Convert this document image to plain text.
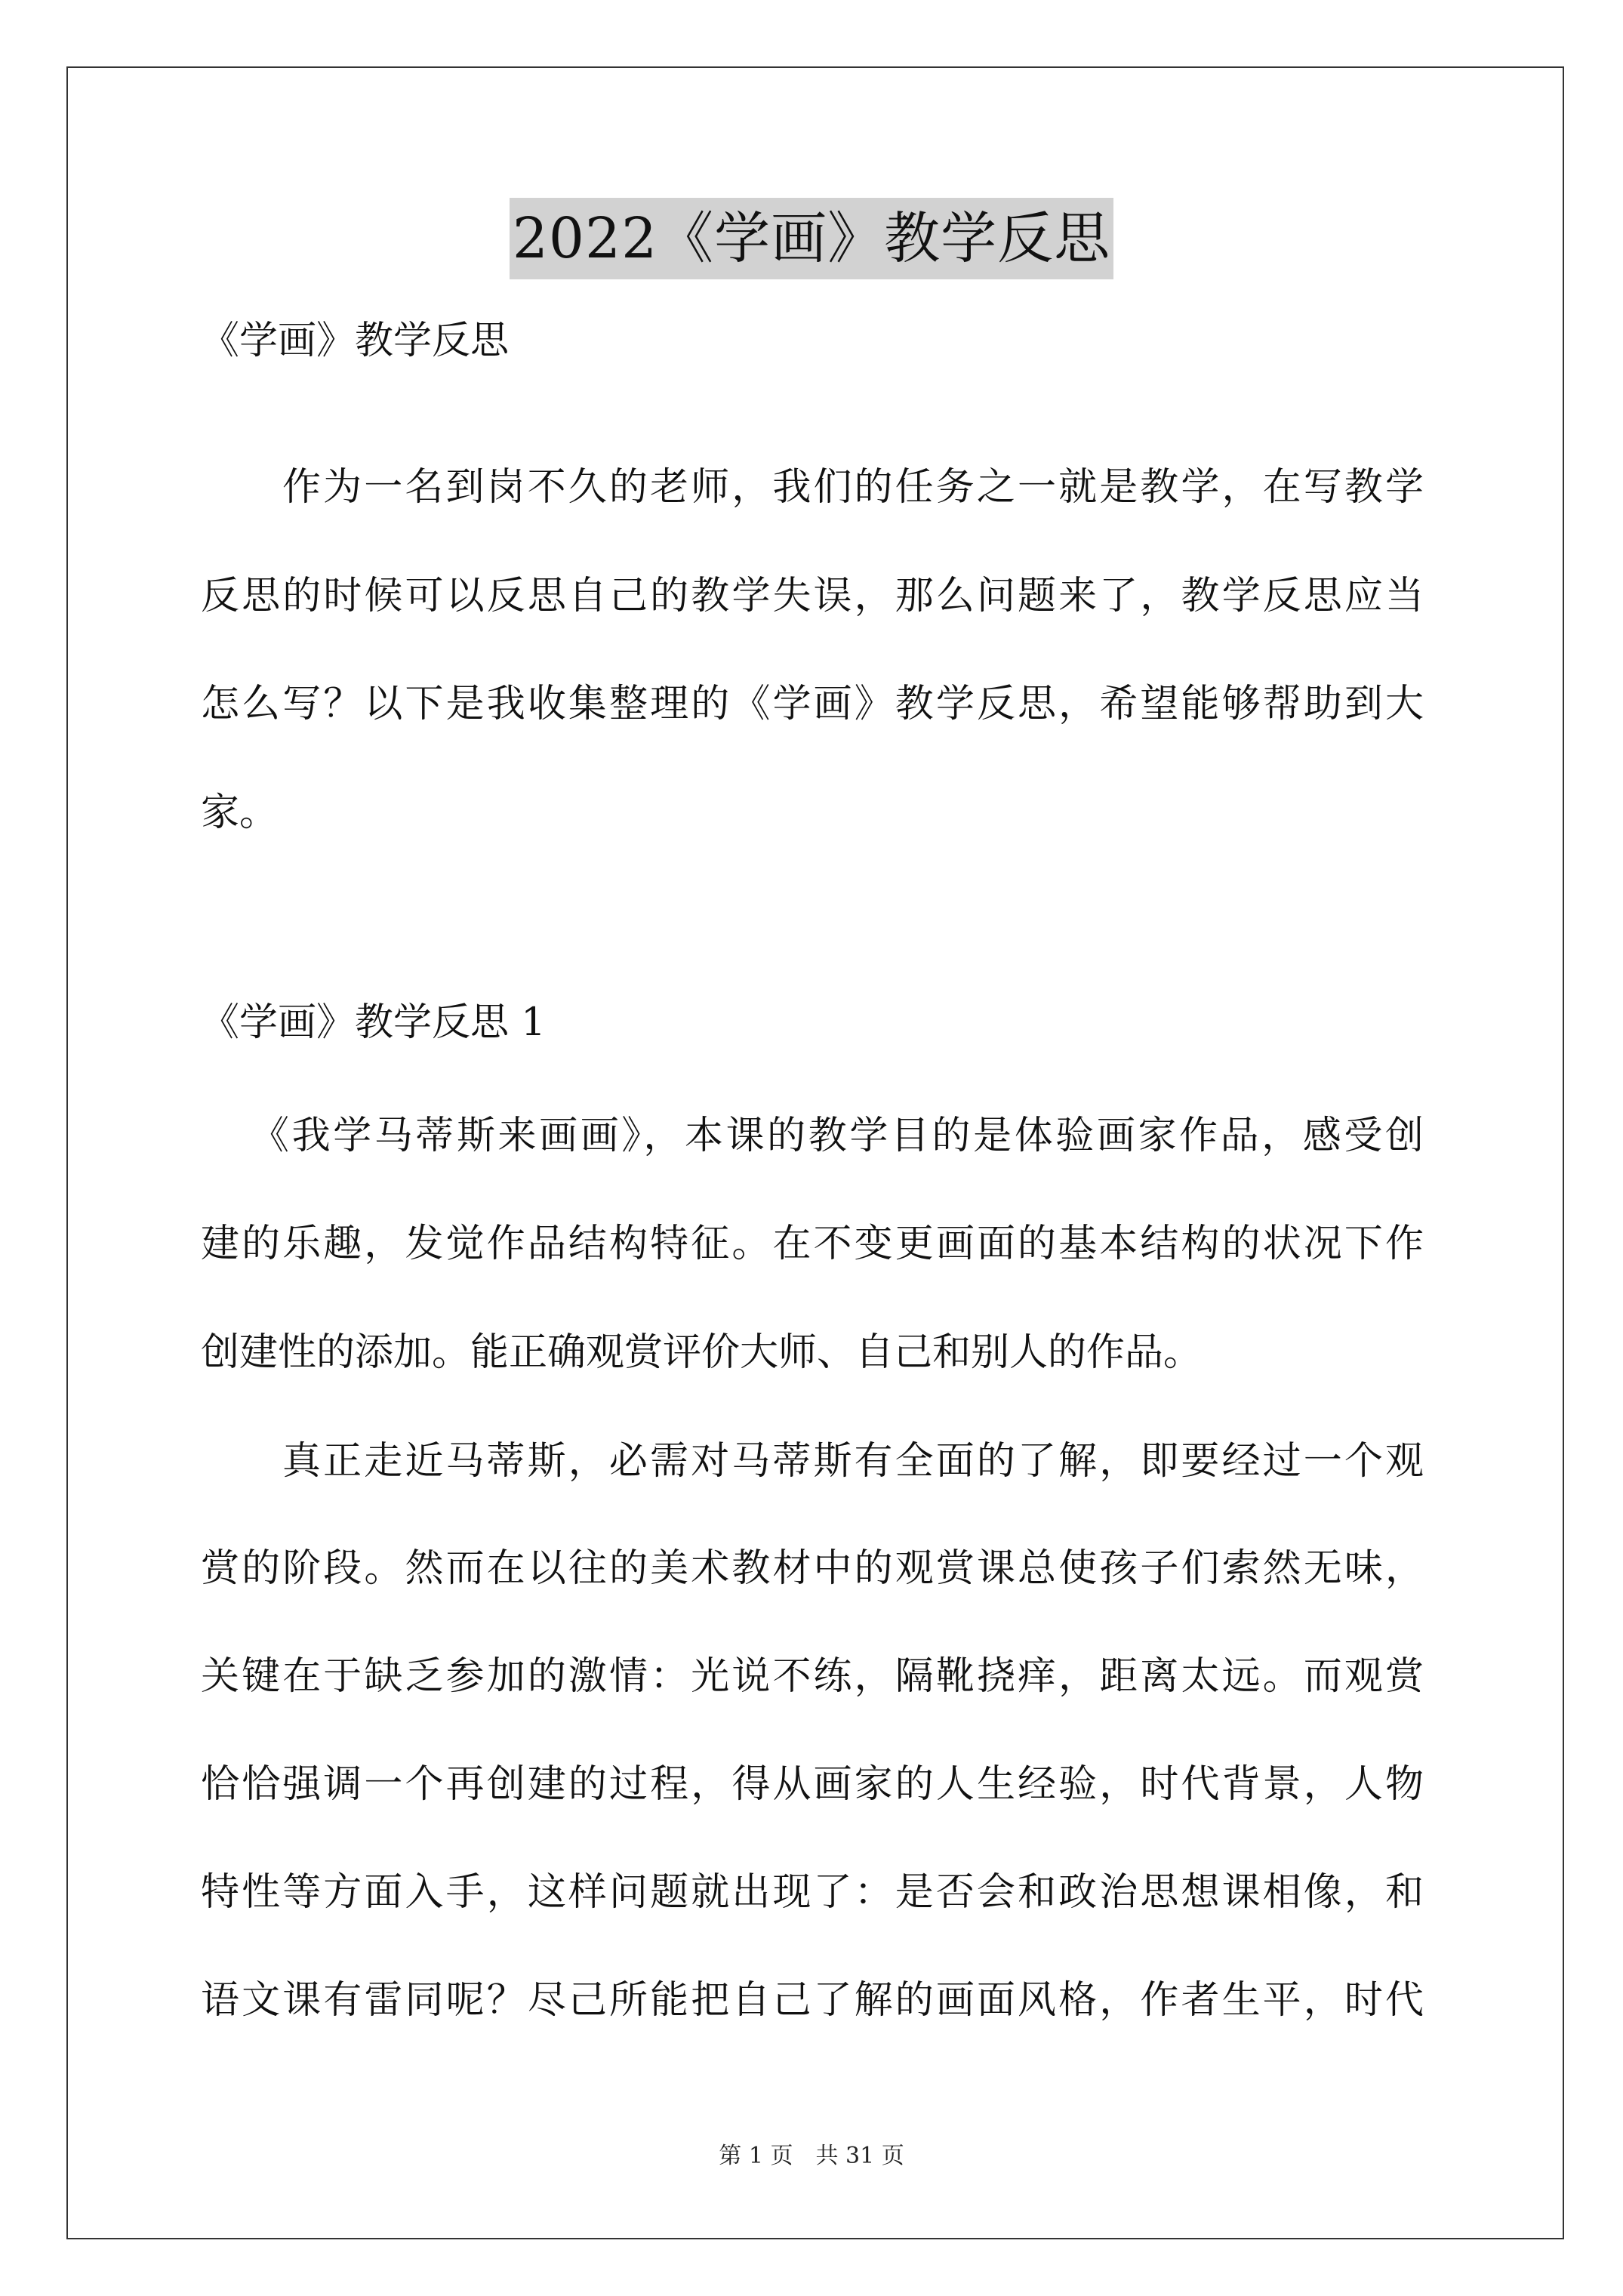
2022《学画》教学反思
《学画》教学反思
作为一名到岗不久的老师，我们的任务之一就是教学，在写教学
反思的时候可以反思自己的教学失误，那么问题来了，教学反思应当
怎么写？以下是我收集整理的《学画》教学反思，希望能够帮助到大
家。
《学画》教学反思 1
《我学马蒂斯来画画》，本课的教学目的是体验画家作品，感受创
建的乐趣，发觉作品结构特征。在不变更画面的基本结构的状况下作
创建性的添加。能正确观赏评价大师、自己和别人的作品。
真正走近马蒂斯，必需对马蒂斯有全面的了解，即要经过一个观
赏的阶段。然而在以往的美术教材中的观赏课总使孩子们索然无味，
关键在于缺乏参加的激情：光说不练，隔靴挠痒，距离太远。而观赏
恰恰强调一个再创建的过程，得从画家的人生经验，时代背景，人物
特性等方面入手，这样问题就出现了：是否会和政治思想课相像，和
语文课有雷同呢？尽己所能把自己了解的画面风格，作者生平，时代
第 1 页　共 31 页
